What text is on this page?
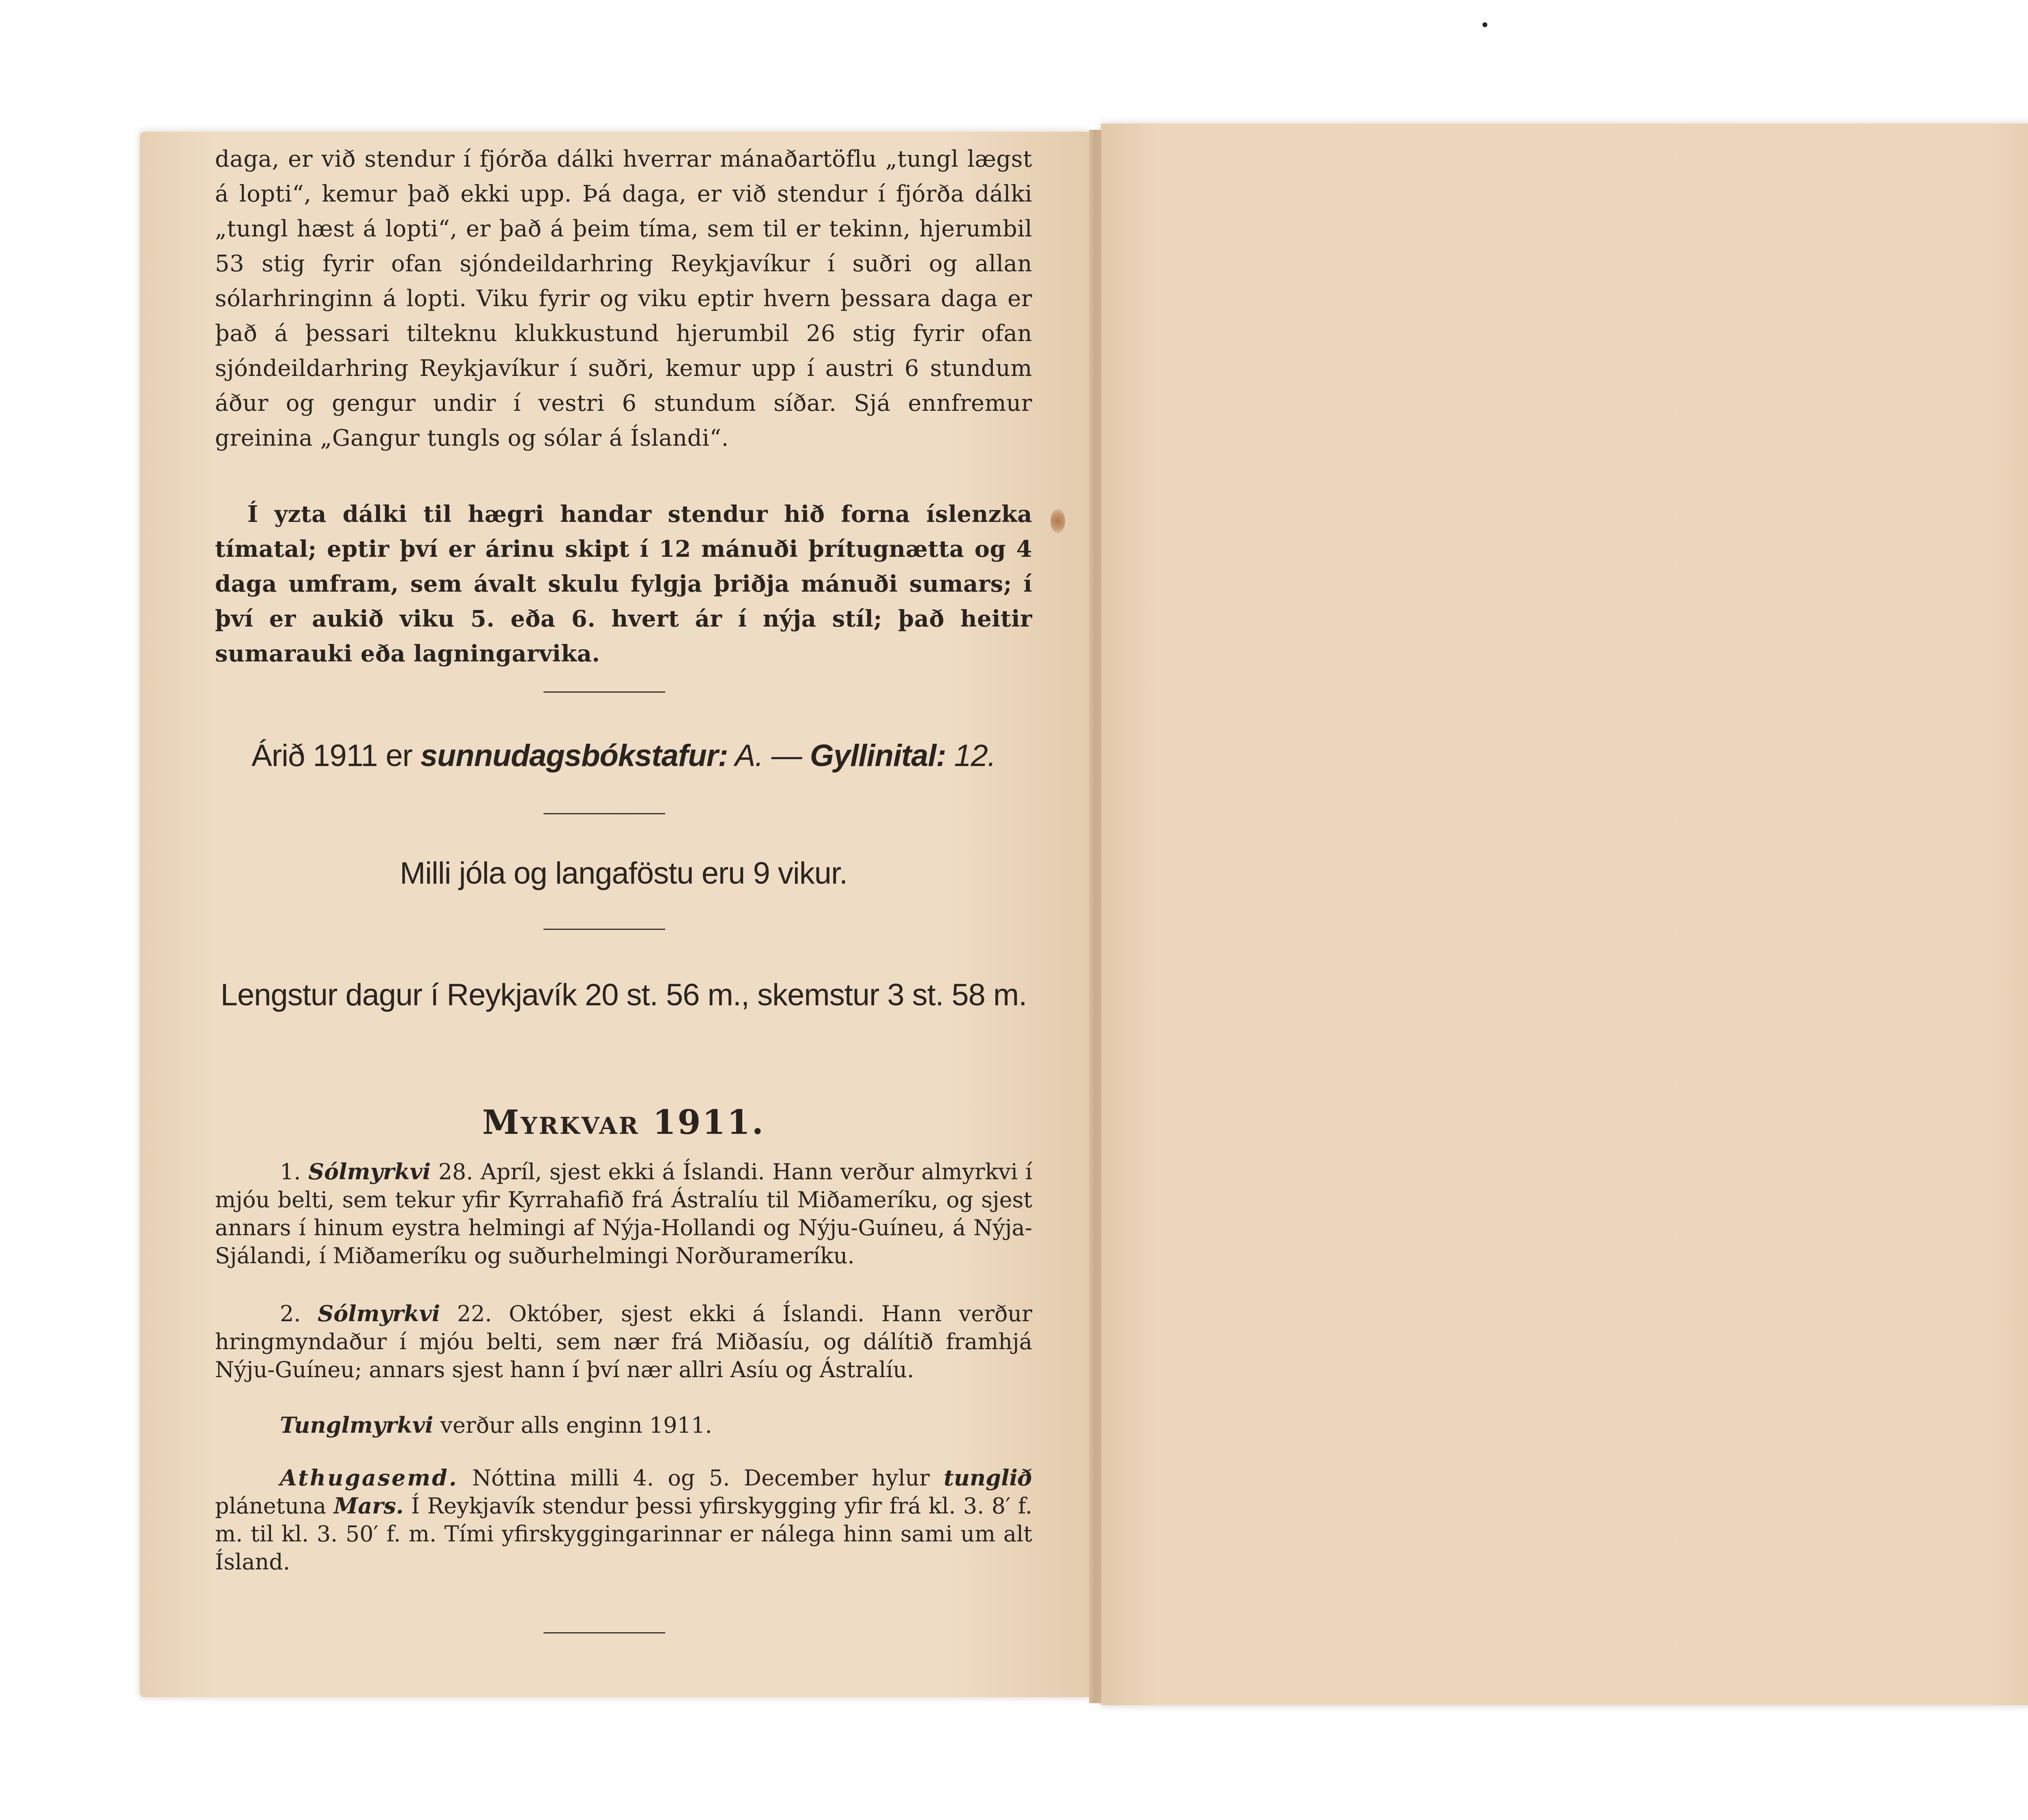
daga, er við stendur í fjórða dálki hverrar mánaðartöflu „tungl lægst á lopti“, kemur það ekki upp. Þá daga, er við stendur í fjórða dálki „tungl hæst á lopti“, er það á þeim tíma, sem til er tekinn, hjerumbil 53 stig fyrir ofan sjóndeildarhring Reykjavíkur í suðri og allan sólarhringinn á lopti. Viku fyrir og viku eptir hvern þessara daga er það á þessari tilteknu klukkustund hjerumbil 26 stig fyrir ofan sjóndeildarhring Reykjavíkur í suðri, kemur upp í austri 6 stundum áður og gengur undir í vestri 6 stundum síðar. Sjá ennfremur greinina „Gangur tungls og sólar á Íslandi“.
Í yzta dálki til hægri handar stendur hið forna íslenzka tímatal; eptir því er árinu skipt í 12 mánuði þrítugnætta og 4 daga umfram, sem ávalt skulu fylgja þriðja mánuði sumars; í því er aukið viku 5. eða 6. hvert ár í nýja stíl; það heitir sumarauki eða lagningarvika.
Árið 1911 er sunnudagsbókstafur: A. — Gyllinital: 12.
Milli jóla og langaföstu eru 9 vikur.
Lengstur dagur í Reykjavík 20 st. 56 m., skemstur 3 st. 58 m.
Myrkvar 1911.
1. Sólmyrkvi 28. Apríl, sjest ekki á Íslandi. Hann verður almyrkvi í mjóu belti, sem tekur yfir Kyrrahafið frá Ástralíu til Miðameríku, og sjest annars í hinum eystra helmingi af Nýja-Hollandi og Nýju-Guíneu, á Nýja-Sjálandi, í Miðameríku og suðurhelmingi Norðurameríku.
2. Sólmyrkvi 22. Október, sjest ekki á Íslandi. Hann verður hringmyndaður í mjóu belti, sem nær frá Miðasíu, og dálítið framhjá Nýju-Guíneu; annars sjest hann í því nær allri Asíu og Ástralíu.
Tunglmyrkvi verður alls enginn 1911.
Athugasemd. Nóttina milli 4. og 5. December hylur tunglið plánetuna Mars. Í Reykjavík stendur þessi yfirskygging yfir frá kl. 3. 8′ f. m. til kl. 3. 50′ f. m. Tími yfirskyggingarinnar er nálega hinn sami um alt Ísland.
